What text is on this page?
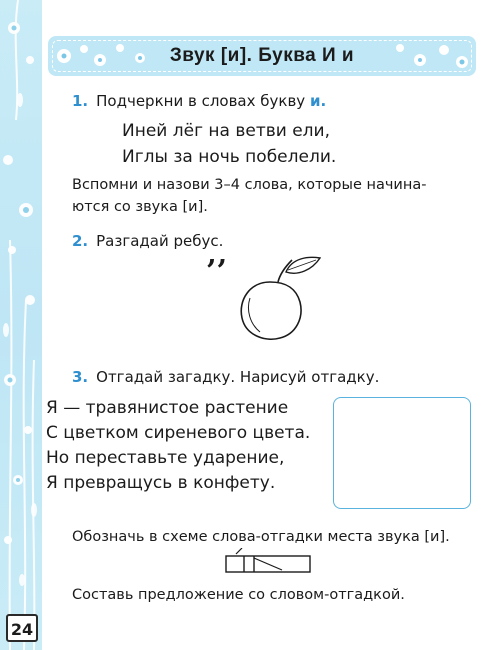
24
Звук [и]. Буква И и
1. Подчеркни в словах букву и.
Иней лёг на ветви ели,
Иглы за ночь побелели.
Вспомни и назови 3–4 слова, которые начина-
ются со звука [и].
2. Разгадай ребус.
’’
3. Отгадай загадку. Нарисуй отгадку.
Я — травянистое растение
С цветком сиреневого цвета.
Но переставьте ударение,
Я превращусь в конфету.
Обозначь в схеме слова-отгадки места звука [и].
Составь предложение со словом-отгадкой.
